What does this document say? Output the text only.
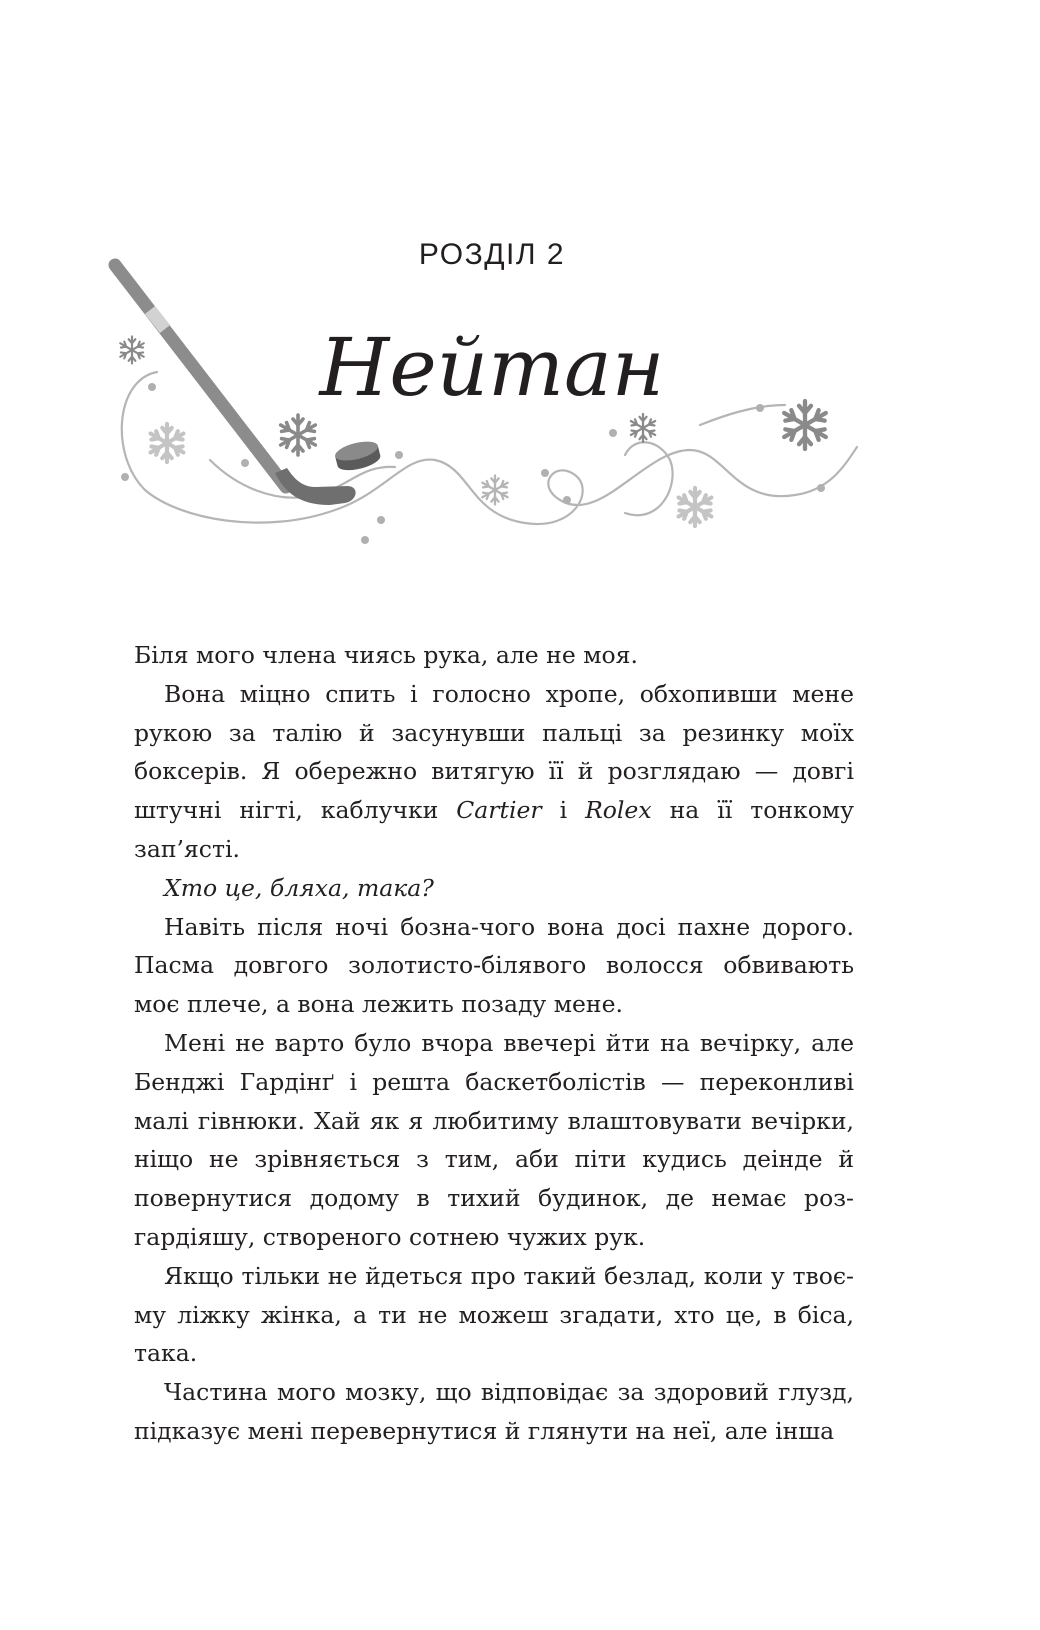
РОЗДІЛ 2
Нейтан

Біля мого члена чиясь рука, але не моя.

Вона міцно спить і голосно хропе, обхопивши мене рукою за талію й засунувши пальці за резинку моїх боксерів. Я обережно витягую її й розглядаю — довгі штучні нігті, каблучки Cartier і Rolex на її тонкому зап’ясті.

Хто це, бляха, така?

Навіть після ночі бозна-чого вона досі пахне дорого. Пасма довгого золотисто-білявого волосся обвивають моє плече, а вона лежить позаду мене.

Мені не варто було вчора ввечері йти на вечірку, але Бенджі Гардінґ і решта баскетболістів — переконливі малі гівнюки. Хай як я любитиму влаштовувати вечірки, ніщо не зрівняється з тим, аби піти кудись деінде й повернутися додому в тихий будинок, де немає розгардіяшу, створеного сотнею чужих рук.

Якщо тільки не йдеться про такий безлад, коли у твоєму ліжку жінка, а ти не можеш згадати, хто це, в біса, така.

Частина мого мозку, що відповідає за здоровий глузд, підказує мені перевернутися й глянути на неї, але інша
